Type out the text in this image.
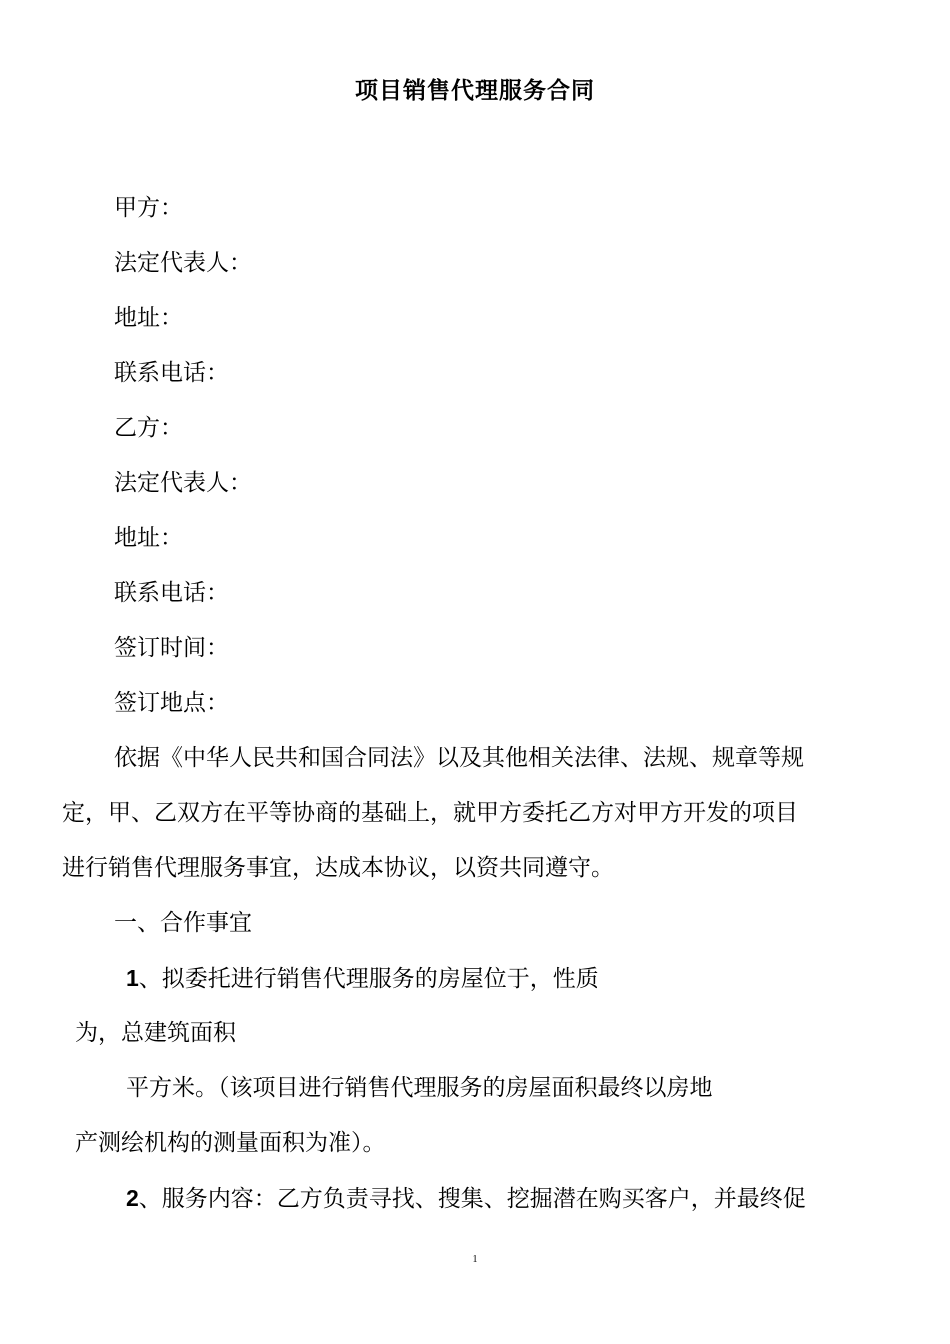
项目销售代理服务合同
甲方：
法定代表人：
地址：
联系电话：
乙方：
法定代表人：
地址：
联系电话：
签订时间：
签订地点：
依据《中华人民共和国合同法》以及其他相关法律、法规、规章等规
定，甲、乙双方在平等协商的基础上，就甲方委托乙方对甲方开发的项目
进行销售代理服务事宜，达成本协议，以资共同遵守。
一、合作事宜
1、拟委托进行销售代理服务的房屋位于，性质
为，总建筑面积
平方米。（该项目进行销售代理服务的房屋面积最终以房地
产测绘机构的测量面积为准）。
2、服务内容：乙方负责寻找、搜集、挖掘潜在购买客户，并最终促
1
